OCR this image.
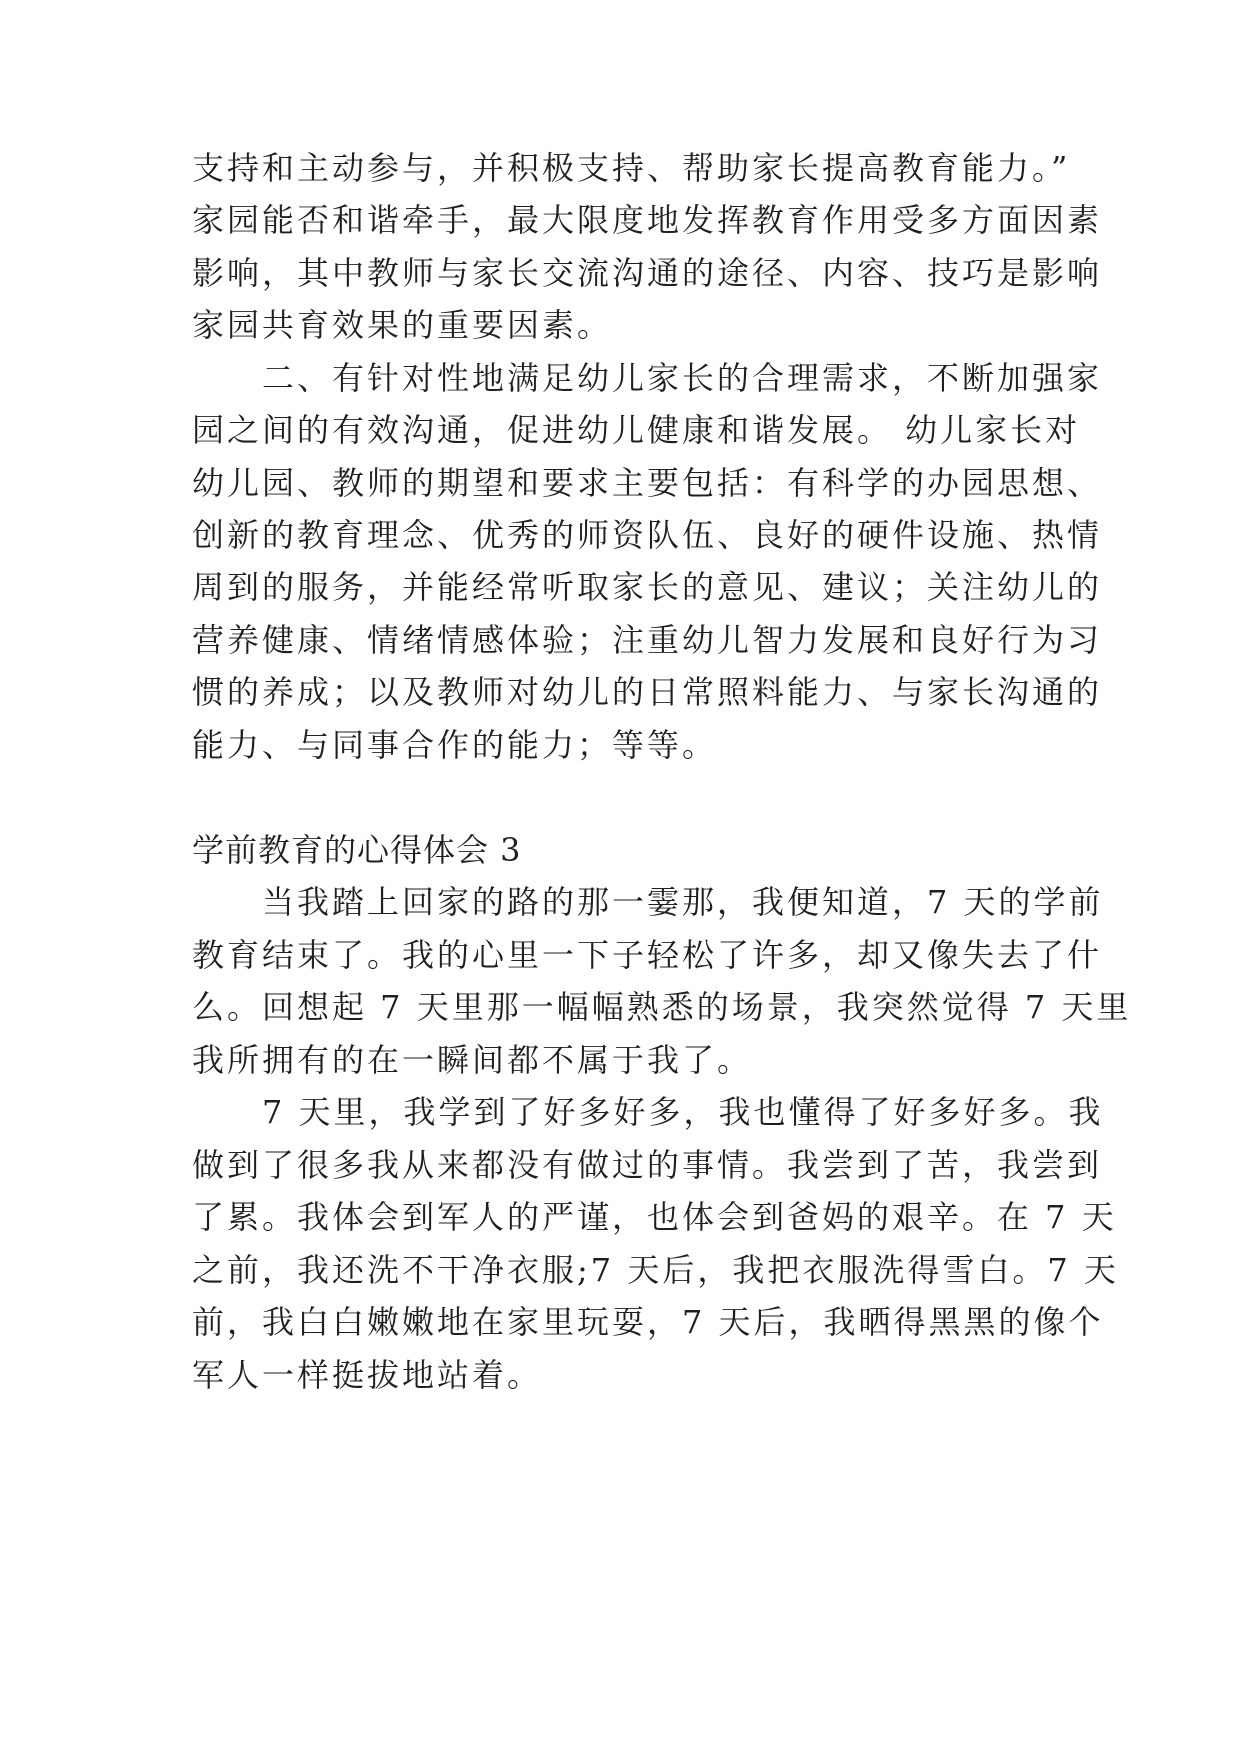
支持和主动参与，并积极支持、帮助家长提高教育能力。”

家园能否和谐牵手，最大限度地发挥教育作用受多方面因素

影响，其中教师与家长交流沟通的途径、内容、技巧是影响

家园共育效果的重要因素。

　　二、有针对性地满足幼儿家长的合理需求，不断加强家

园之间的有效沟通，促进幼儿健康和谐发展。 幼儿家长对

幼儿园、教师的期望和要求主要包括：有科学的办园思想、

创新的教育理念、优秀的师资队伍、良好的硬件设施、热情

周到的服务，并能经常听取家长的意见、建议；关注幼儿的

营养健康、情绪情感体验；注重幼儿智力发展和良好行为习

惯的养成；以及教师对幼儿的日常照料能力、与家长沟通的

能力、与同事合作的能力；等等。

学前教育的心得体会 3

　　当我踏上回家的路的那一霎那，我便知道，7 天的学前

教育结束了。我的心里一下子轻松了许多，却又像失去了什

么。回想起 7 天里那一幅幅熟悉的场景，我突然觉得 7 天里

我所拥有的在一瞬间都不属于我了。

　　7 天里，我学到了好多好多，我也懂得了好多好多。我

做到了很多我从来都没有做过的事情。我尝到了苦，我尝到

了累。我体会到军人的严谨，也体会到爸妈的艰辛。在 7 天

之前，我还洗不干净衣服;7 天后，我把衣服洗得雪白。7 天

前，我白白嫩嫩地在家里玩耍，7 天后，我晒得黑黑的像个

军人一样挺拔地站着。
